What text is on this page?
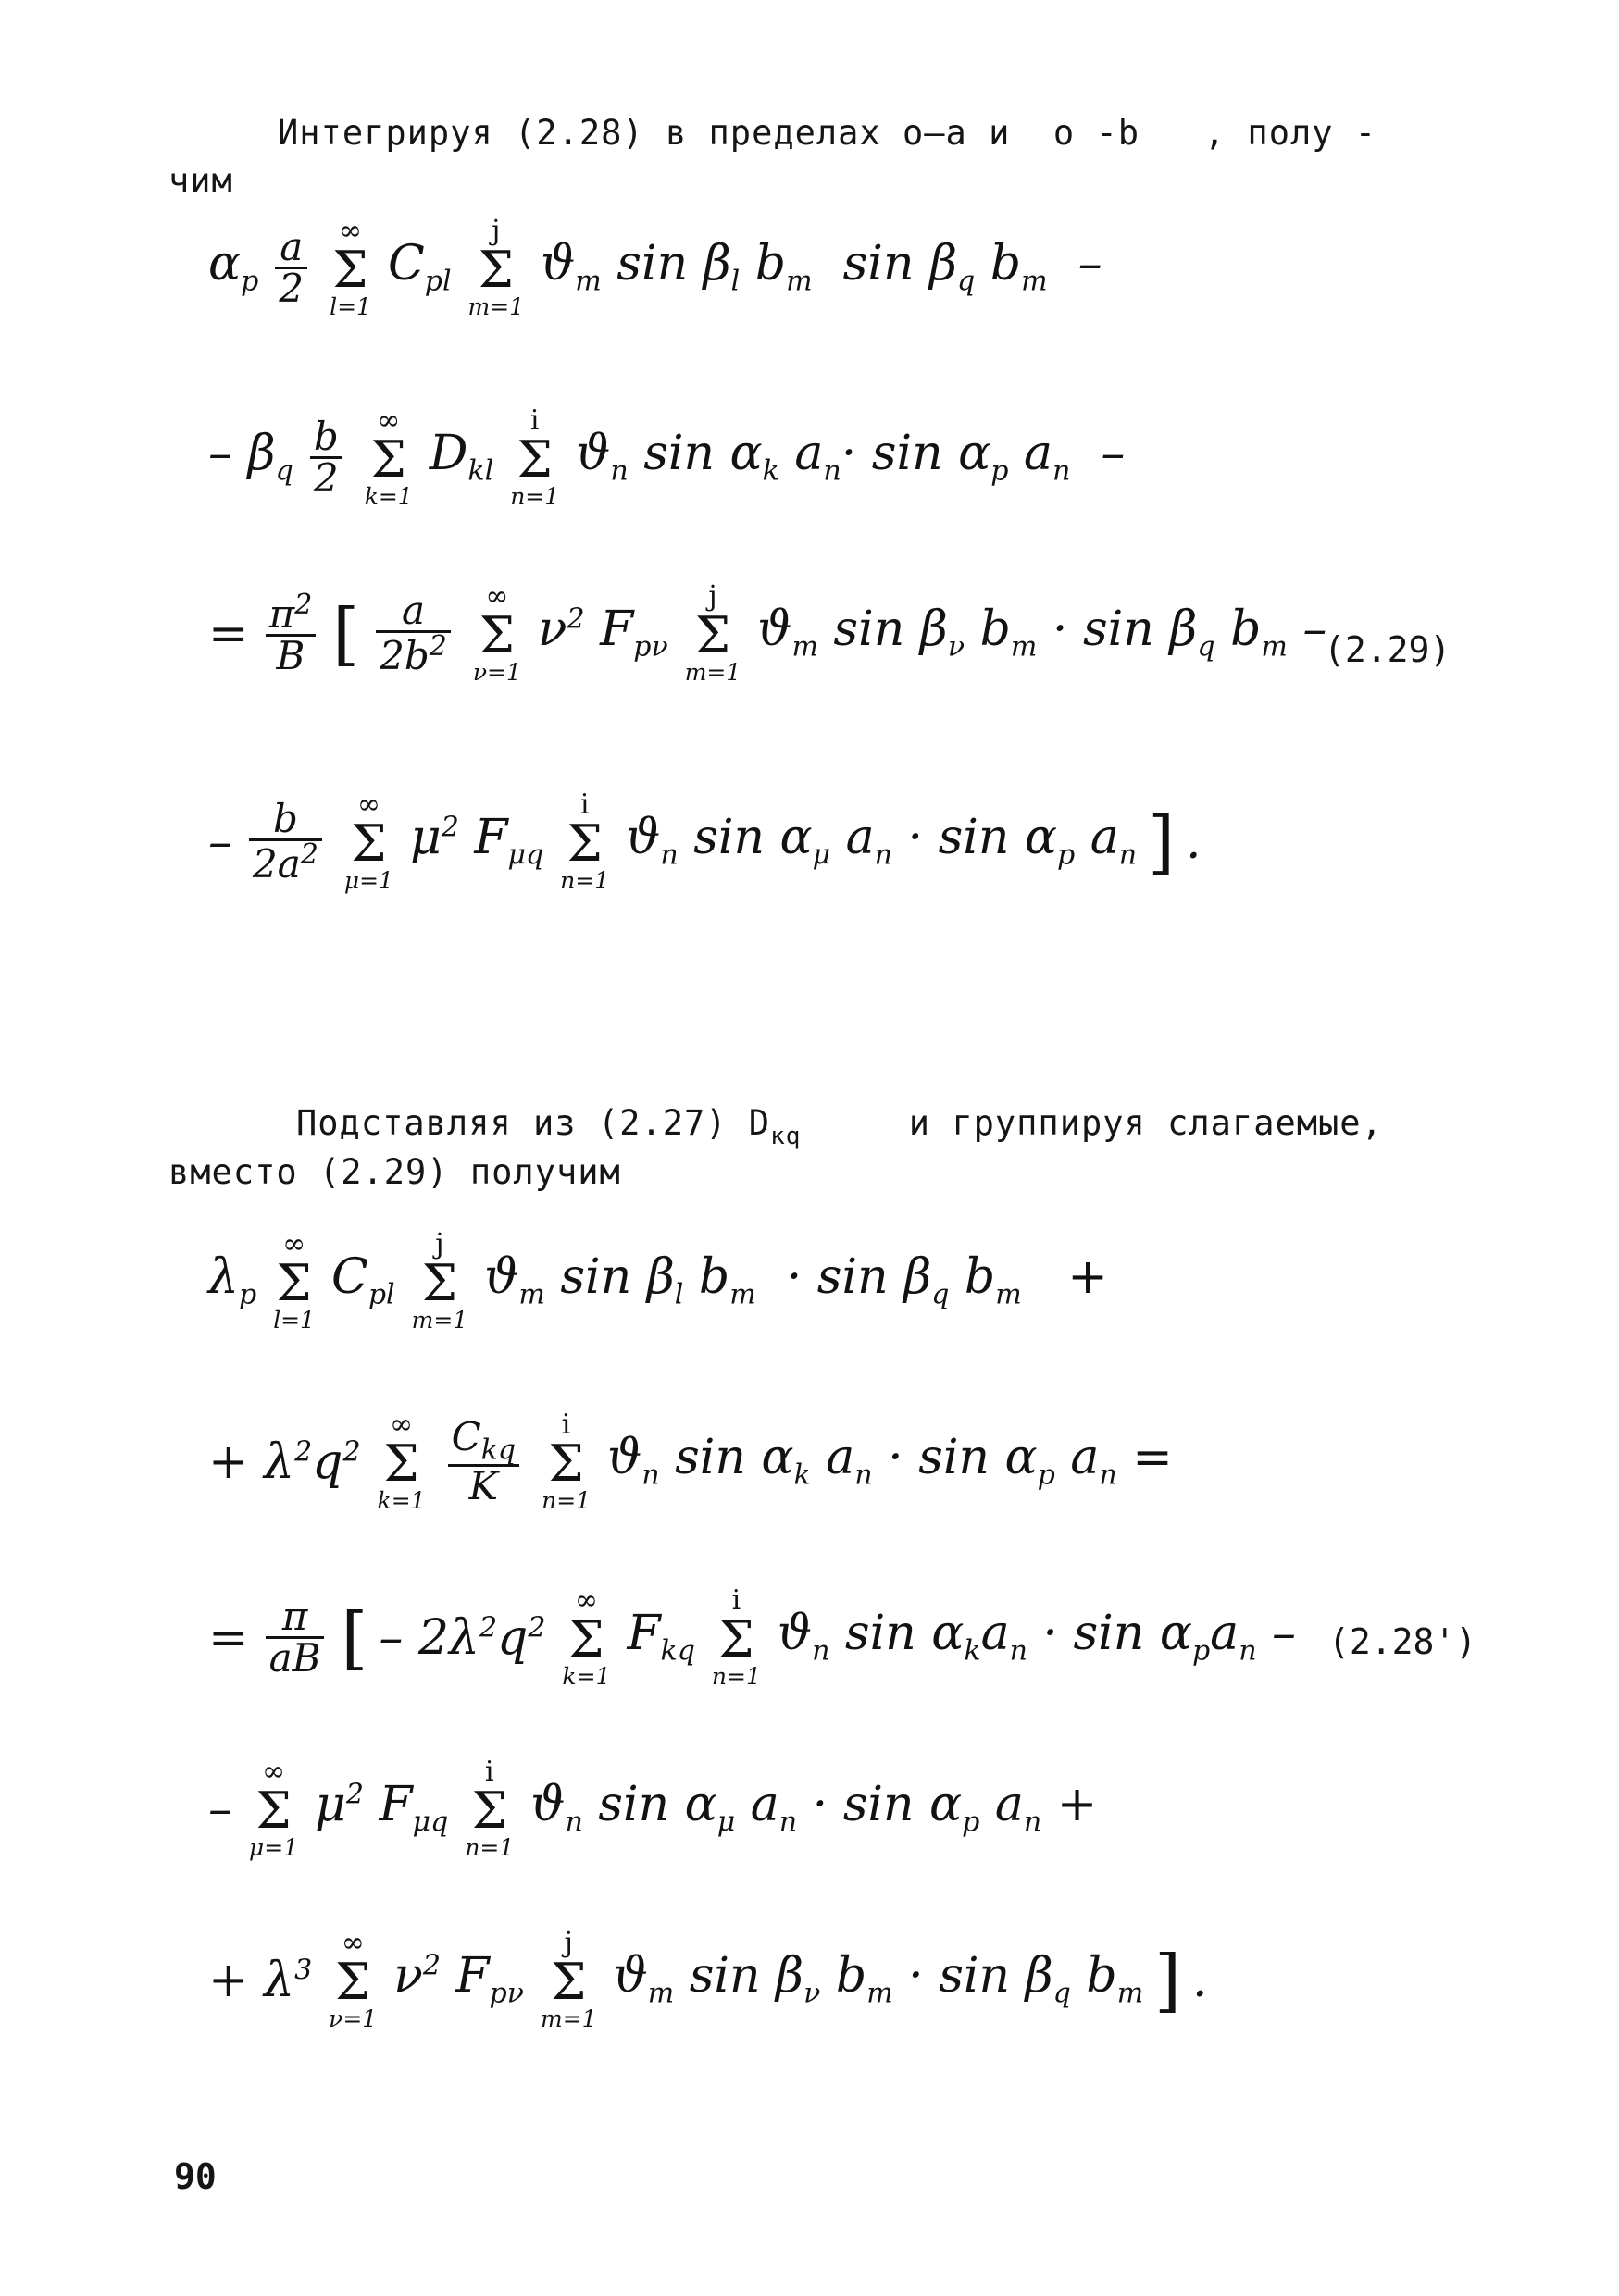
Интегрируя (2.28) в пределах о–а и  о -b   , полу -
чим
$\alpha_p \frac{a}{2}$ ∞
Σ
l=1
$C_{pl}$
j
Σ
m=1
$ϑ_m$ $\sin \beta_l$ $b_m$  $\sin \beta_q$ $b_m$  –
– $\beta_q \frac{b}{2}$ ∞
Σ
k=1
$D_{kl}$
i
Σ
n=1
$ϑ_n$ $\sin \alpha_k$ $a_n\cdot \sin \alpha_p$ $a_n$  –
= $\frac{\pi^2}{B}$ [ $\frac{a}{2b^2}$ ∞
Σ
ν=1
$\nu^2$ $F_{p\nu}$
j
Σ
m=1
$ϑ_m$ $\sin \beta_\nu$ $b_m \cdot \sin \beta_q$ $b_m$ –
(2.29)
– $\frac{b}{2a^2}$ ∞
Σ
μ=1
$\mu^2$ $F_{\mu q}$
i
Σ
n=1
$ϑ_n$ $\sin \alpha_\mu$ $a_n \cdot \sin \alpha_p$ $a_n$ ] .
Подставляя из (2.27) $D_{кq}$	и группируя слагаемые,
вместо (2.29) получим
$\lambda_p$
∞
Σ
l=1
$C_{pl}$
j
Σ
m=1
$ϑ_m$ $\sin \beta_l$ $b_m \cdot \sin \beta_q$ $b_m$   +
+ $\lambda^2q^2$
∞
Σ
$k=1 \frac{C_{kq}}{K}$ i
Σ
n=1
$ϑ_n$ $\sin \alpha_k$ $a_n \cdot \sin \alpha_p$ $a_n$ =
= $\frac{\pi}{aB}$ [ – $2\lambda^2q^2$
∞
Σ
k=1
$F_{kq}$
i
Σ
n=1
$ϑ_n$ $\sin \alpha_ka_n \cdot \sin \alpha_pa_n - (2.28')$
–
∞
Σ
μ=1
$\mu^2$ $F_{\mu q}$
i
Σ
n=1
$ϑ_n$ $\sin \alpha_\mu$ $a_n \cdot \sin \alpha_p$ $a_n$ +
+ $\lambda^3$
∞
Σ
ν=1
$\nu^2$ $F_{p\nu}$
j
Σ
m=1
$ϑ_m$ $\sin \beta_\nu$ $b_m \cdot \sin \beta_q$ $b_m$ ] .
90
